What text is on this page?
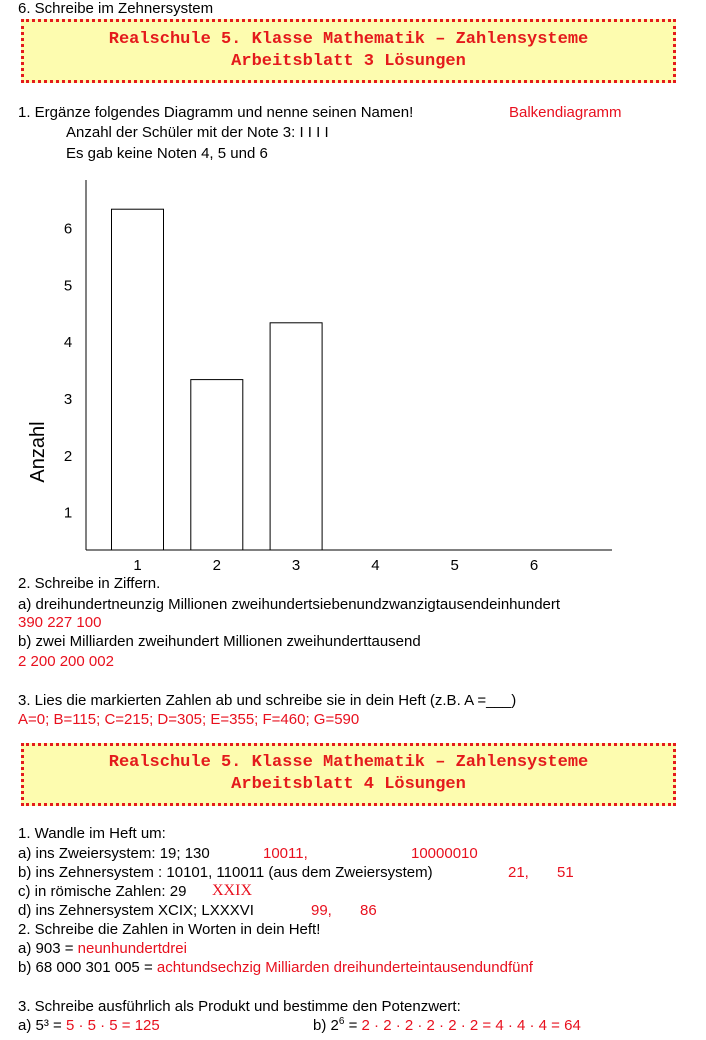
6. Schreibe im Zehnersystem
Realschule 5. Klasse Mathematik – Zahlensysteme
Arbeitsblatt 3 Lösungen
1. Ergänze folgendes Diagramm und nenne seinen Namen!	Balkendiagramm
Anzahl der Schüler mit der Note 3: I I I I
Es gab keine Noten 4, 5 und 6
1
2
3
4
5
6
1	2	3	4	5	6
Anzahl
2. Schreibe in Ziffern.
a) dreihundertneunzig Millionen zweihundertsiebenundzwanzigtausendeinhundert
390 227 100
b) zwei Milliarden zweihundert Millionen zweihunderttausend
2 200 200 002
3. Lies die markierten Zahlen ab und schreibe sie in dein Heft (z.B. A =___)
A=0; B=115; C=215; D=305; E=355; F=460; G=590
Realschule 5. Klasse Mathematik – Zahlensysteme
Arbeitsblatt 4 Lösungen
1. Wandle im Heft um:
a) ins Zweiersystem: 19; 130	10011,	10000010
b) ins Zehnersystem : 10101, 110011 (aus dem Zweiersystem)	21, 51
c) in römische Zahlen: 29 XXIX
d) ins Zehnersystem XCIX; LXXXVI	99, 86
2. Schreibe die Zahlen in Worten in dein Heft!
a) 903 = neunhundertdrei
b) 68 000 301 005 = achtundsechzig Milliarden dreihunderteintausendundfünf
3. Schreibe ausführlich als Produkt und bestimme den Potenzwert:
a) 5³ = 5 · 5 · 5 = 125	b) $2^6 = 2 \cdot 2 \cdot 2 \cdot 2 \cdot 2 \cdot 2 = 4 \cdot 4 \cdot 4 = 64$
